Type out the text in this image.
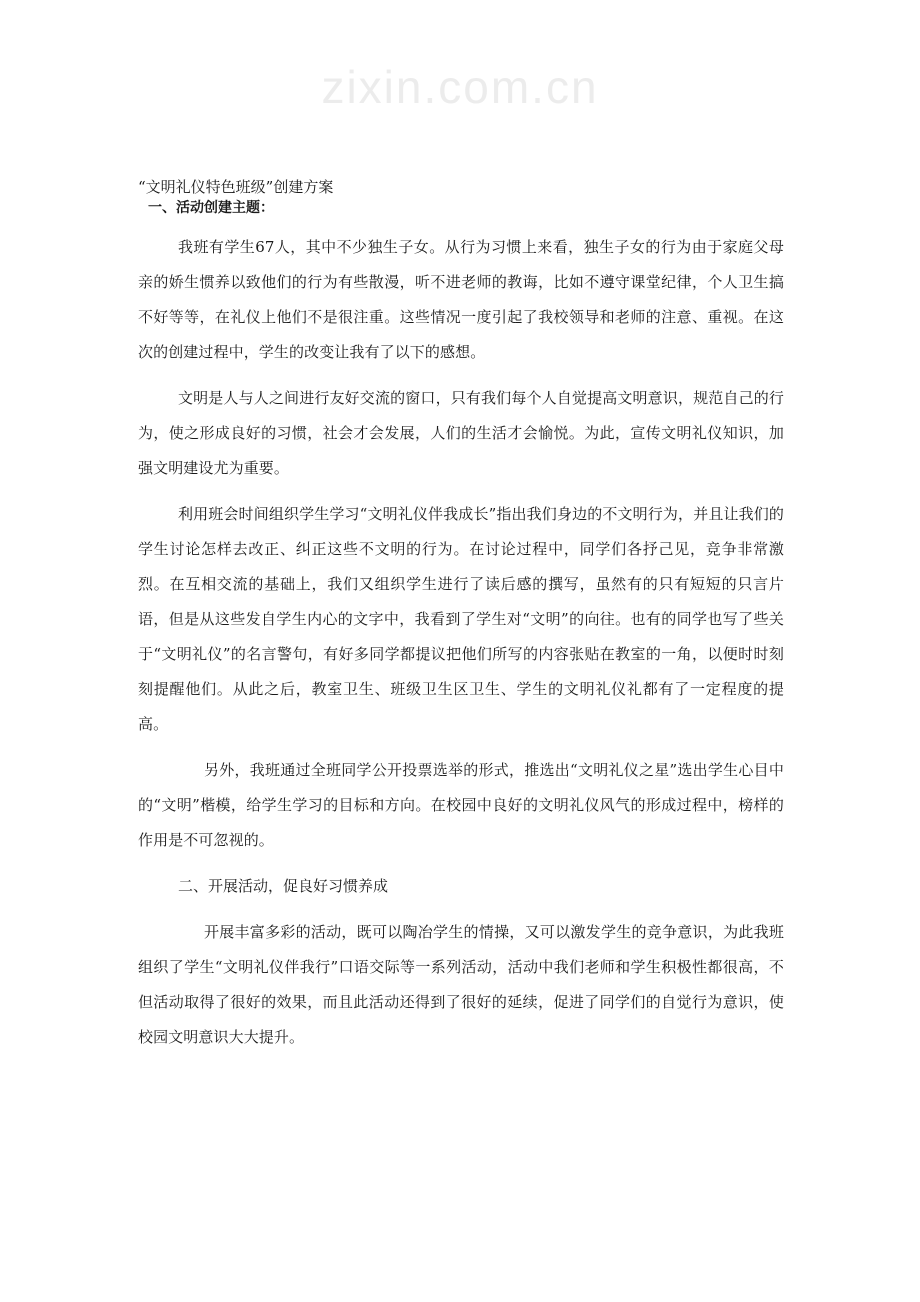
zixin.com.cn

“文明礼仪特色班级”创建方案

一、活动创建主题：

我班有学生67人，其中不少独生子女。从行为习惯上来看，独生子女的行为由于家庭父母亲的娇生惯养以致他们的行为有些散漫，听不进老师的教诲，比如不遵守课堂纪律，个人卫生搞不好等等，在礼仪上他们不是很注重。这些情况一度引起了我校领导和老师的注意、重视。在这次的创建过程中，学生的改变让我有了以下的感想。

文明是人与人之间进行友好交流的窗口，只有我们每个人自觉提高文明意识，规范自己的行为，使之形成良好的习惯，社会才会发展，人们的生活才会愉悦。为此，宣传文明礼仪知识，加强文明建设尤为重要。

利用班会时间组织学生学习“文明礼仪伴我成长”指出我们身边的不文明行为，并且让我们的学生讨论怎样去改正、纠正这些不文明的行为。在讨论过程中，同学们各抒己见，竞争非常激烈。在互相交流的基础上，我们又组织学生进行了读后感的撰写，虽然有的只有短短的只言片语，但是从这些发自学生内心的文字中，我看到了学生对“文明”的向往。也有的同学也写了些关于“文明礼仪”的名言警句，有好多同学都提议把他们所写的内容张贴在教室的一角，以便时时刻刻提醒他们。从此之后，教室卫生、班级卫生区卫生、学生的文明礼仪礼都有了一定程度的提高。

另外，我班通过全班同学公开投票选举的形式，推选出“文明礼仪之星”选出学生心目中的“文明”楷模，给学生学习的目标和方向。在校园中良好的文明礼仪风气的形成过程中，榜样的作用是不可忽视的。

二、开展活动，促良好习惯养成

开展丰富多彩的活动，既可以陶冶学生的情操，又可以激发学生的竞争意识，为此我班组织了学生“文明礼仪伴我行”口语交际等一系列活动，活动中我们老师和学生积极性都很高，不但活动取得了很好的效果，而且此活动还得到了很好的延续，促进了同学们的自觉行为意识，使校园文明意识大大提升。
